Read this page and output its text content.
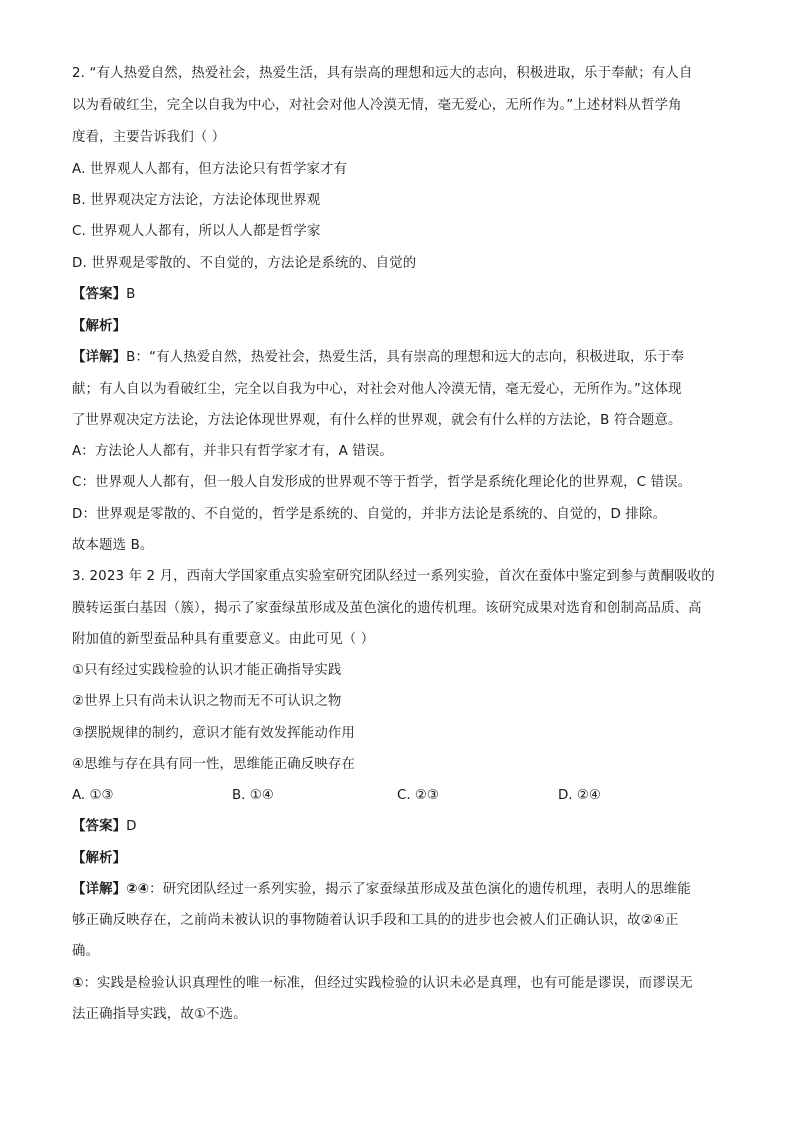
2. “有人热爱自然，热爱社会，热爱生活，具有崇高的理想和远大的志向，积极进取，乐于奉献；有人自
以为看破红尘，完全以自我为中心，对社会对他人冷漠无情，毫无爱心，无所作为。”上述材料从哲学角
度看，主要告诉我们（ ）
A. 世界观人人都有，但方法论只有哲学家才有
B. 世界观决定方法论，方法论体现世界观
C. 世界观人人都有，所以人人都是哲学家
D. 世界观是零散的、不自觉的，方法论是系统的、自觉的
【答案】B
【解析】
【详解】B：“有人热爱自然，热爱社会，热爱生活，具有崇高的理想和远大的志向，积极进取，乐于奉
献；有人自以为看破红尘，完全以自我为中心，对社会对他人冷漠无情，毫无爱心，无所作为。”这体现
了世界观决定方法论，方法论体现世界观，有什么样的世界观，就会有什么样的方法论，B 符合题意。
A：方法论人人都有，并非只有哲学家才有，A 错误。
C：世界观人人都有，但一般人自发形成的世界观不等于哲学，哲学是系统化理论化的世界观，C 错误。
D：世界观是零散的、不自觉的，哲学是系统的、自觉的，并非方法论是系统的、自觉的，D 排除。
故本题选 B。
3. 2023 年 2 月，西南大学国家重点实验室研究团队经过一系列实验，首次在蚕体中鉴定到参与黄酮吸收的
膜转运蛋白基因（簇），揭示了家蚕绿茧形成及茧色演化的遗传机理。该研究成果对选育和创制高品质、高
附加值的新型蚕品种具有重要意义。由此可见（ ）
①只有经过实践检验的认识才能正确指导实践
②世界上只有尚未认识之物而无不可认识之物
③摆脱规律的制约，意识才能有效发挥能动作用
④思维与存在具有同一性，思维能正确反映存在
A. ①③	B. ①④	C. ②③	D. ②④
【答案】D
【解析】
【详解】②④：研究团队经过一系列实验，揭示了家蚕绿茧形成及茧色演化的遗传机理，表明人的思维能
够正确反映存在，之前尚未被认识的事物随着认识手段和工具的的进步也会被人们正确认识，故②④正
确。
①：实践是检验认识真理性的唯一标准，但经过实践检验的认识未必是真理，也有可能是谬误，而谬误无
法正确指导实践，故①不选。
